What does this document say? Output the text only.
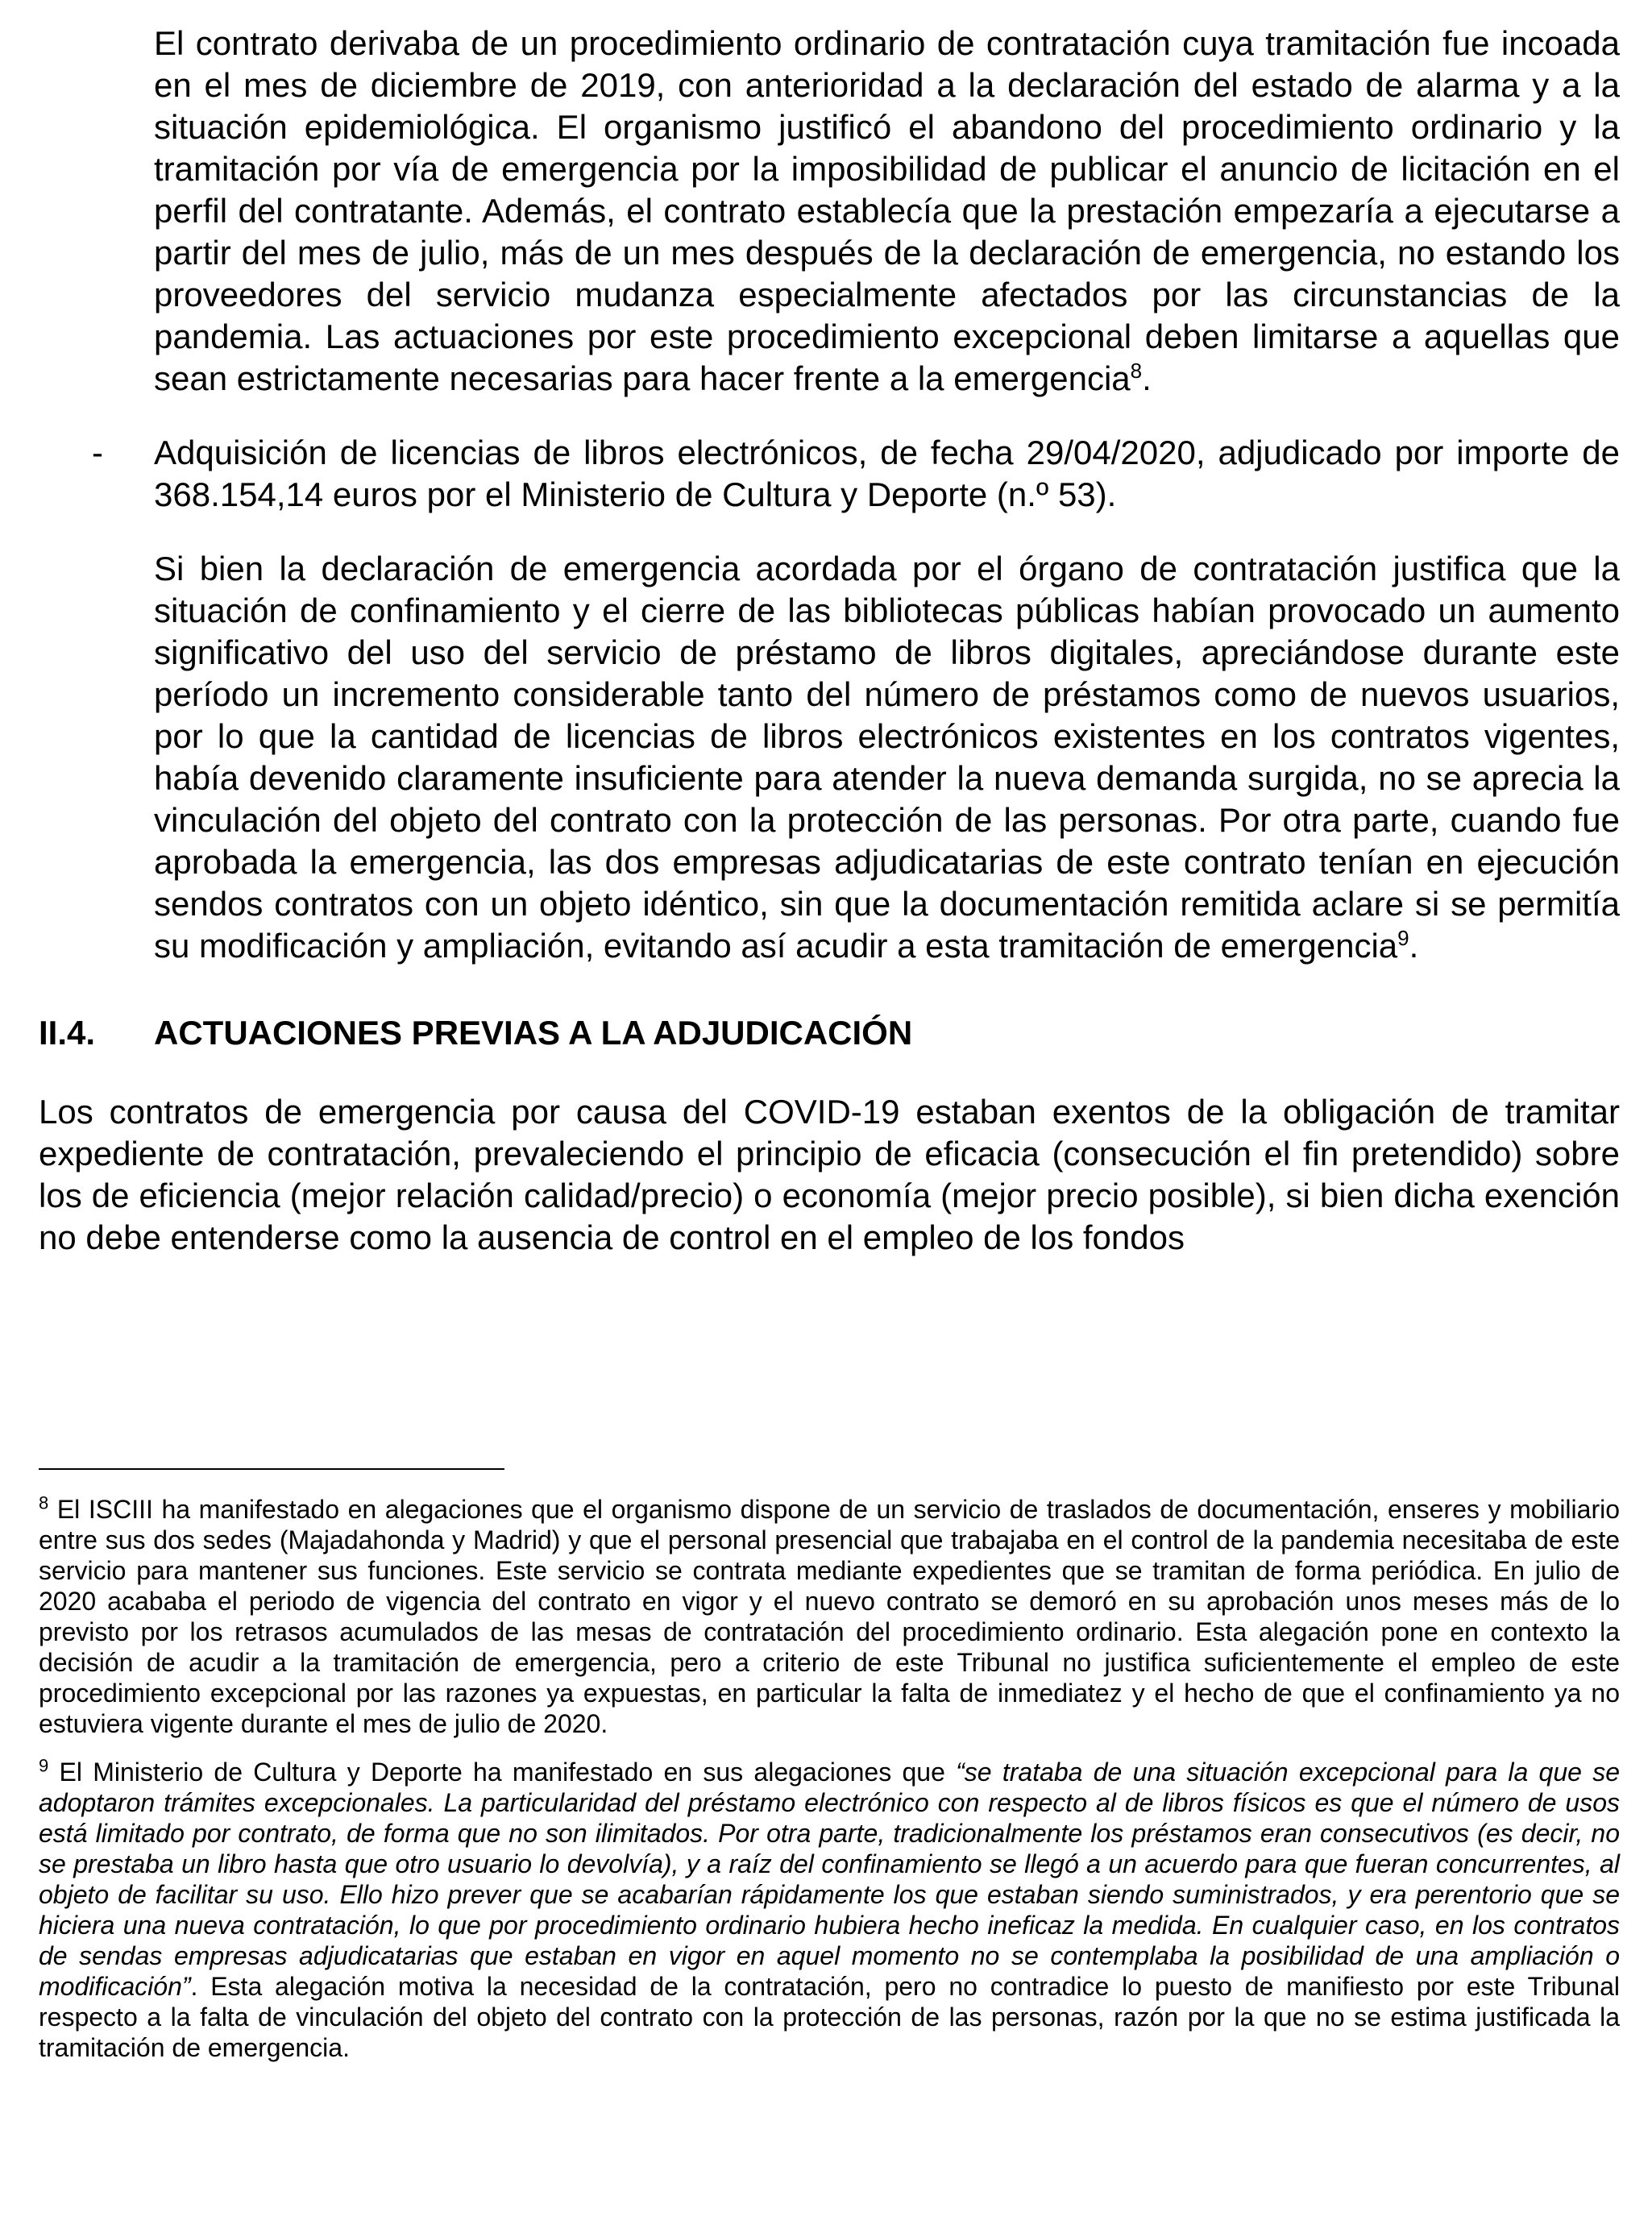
El contrato derivaba de un procedimiento ordinario de contratación cuya tramitación fue incoada en el mes de diciembre de 2019, con anterioridad a la declaración del estado de alarma y a la situación epidemiológica. El organismo justificó el abandono del procedimiento ordinario y la tramitación por vía de emergencia por la imposibilidad de publicar el anuncio de licitación en el perfil del contratante. Además, el contrato establecía que la prestación empezaría a ejecutarse a partir del mes de julio, más de un mes después de la declaración de emergencia, no estando los proveedores del servicio mudanza especialmente afectados por las circunstancias de la pandemia. Las actuaciones por este procedimiento excepcional deben limitarse a aquellas que sean estrictamente necesarias para hacer frente a la emergencia$^8$.

- Adquisición de licencias de libros electrónicos, de fecha 29/04/2020, adjudicado por importe de 368.154,14 euros por el Ministerio de Cultura y Deporte (n.º 53).

Si bien la declaración de emergencia acordada por el órgano de contratación justifica que la situación de confinamiento y el cierre de las bibliotecas públicas habían provocado un aumento significativo del uso del servicio de préstamo de libros digitales, apreciándose durante este período un incremento considerable tanto del número de préstamos como de nuevos usuarios, por lo que la cantidad de licencias de libros electrónicos existentes en los contratos vigentes, había devenido claramente insuficiente para atender la nueva demanda surgida, no se aprecia la vinculación del objeto del contrato con la protección de las personas. Por otra parte, cuando fue aprobada la emergencia, las dos empresas adjudicatarias de este contrato tenían en ejecución sendos contratos con un objeto idéntico, sin que la documentación remitida aclare si se permitía su modificación y ampliación, evitando así acudir a esta tramitación de emergencia$^9$.

II.4.	ACTUACIONES PREVIAS A LA ADJUDICACIÓN

Los contratos de emergencia por causa del COVID-19 estaban exentos de la obligación de tramitar expediente de contratación, prevaleciendo el principio de eficacia (consecución el fin pretendido) sobre los de eficiencia (mejor relación calidad/precio) o economía (mejor precio posible), si bien dicha exención no debe entenderse como la ausencia de control en el empleo de los fondos

$^8$ El ISCIII ha manifestado en alegaciones que el organismo dispone de un servicio de traslados de documentación, enseres y mobiliario entre sus dos sedes (Majadahonda y Madrid) y que el personal presencial que trabajaba en el control de la pandemia necesitaba de este servicio para mantener sus funciones. Este servicio se contrata mediante expedientes que se tramitan de forma periódica. En julio de 2020 acababa el periodo de vigencia del contrato en vigor y el nuevo contrato se demoró en su aprobación unos meses más de lo previsto por los retrasos acumulados de las mesas de contratación del procedimiento ordinario. Esta alegación pone en contexto la decisión de acudir a la tramitación de emergencia, pero a criterio de este Tribunal no justifica suficientemente el empleo de este procedimiento excepcional por las razones ya expuestas, en particular la falta de inmediatez y el hecho de que el confinamiento ya no estuviera vigente durante el mes de julio de 2020.

$^9$ El Ministerio de Cultura y Deporte ha manifestado en sus alegaciones que “se trataba de una situación excepcional para la que se adoptaron trámites excepcionales. La particularidad del préstamo electrónico con respecto al de libros físicos es que el número de usos está limitado por contrato, de forma que no son ilimitados. Por otra parte, tradicionalmente los préstamos eran consecutivos (es decir, no se prestaba un libro hasta que otro usuario lo devolvía), y a raíz del confinamiento se llegó a un acuerdo para que fueran concurrentes, al objeto de facilitar su uso. Ello hizo prever que se acabarían rápidamente los que estaban siendo suministrados, y era perentorio que se hiciera una nueva contratación, lo que por procedimiento ordinario hubiera hecho ineficaz la medida. En cualquier caso, en los contratos de sendas empresas adjudicatarias que estaban en vigor en aquel momento no se contemplaba la posibilidad de una ampliación o modificación”. Esta alegación motiva la necesidad de la contratación, pero no contradice lo puesto de manifiesto por este Tribunal respecto a la falta de vinculación del objeto del contrato con la protección de las personas, razón por la que no se estima justificada la tramitación de emergencia.
